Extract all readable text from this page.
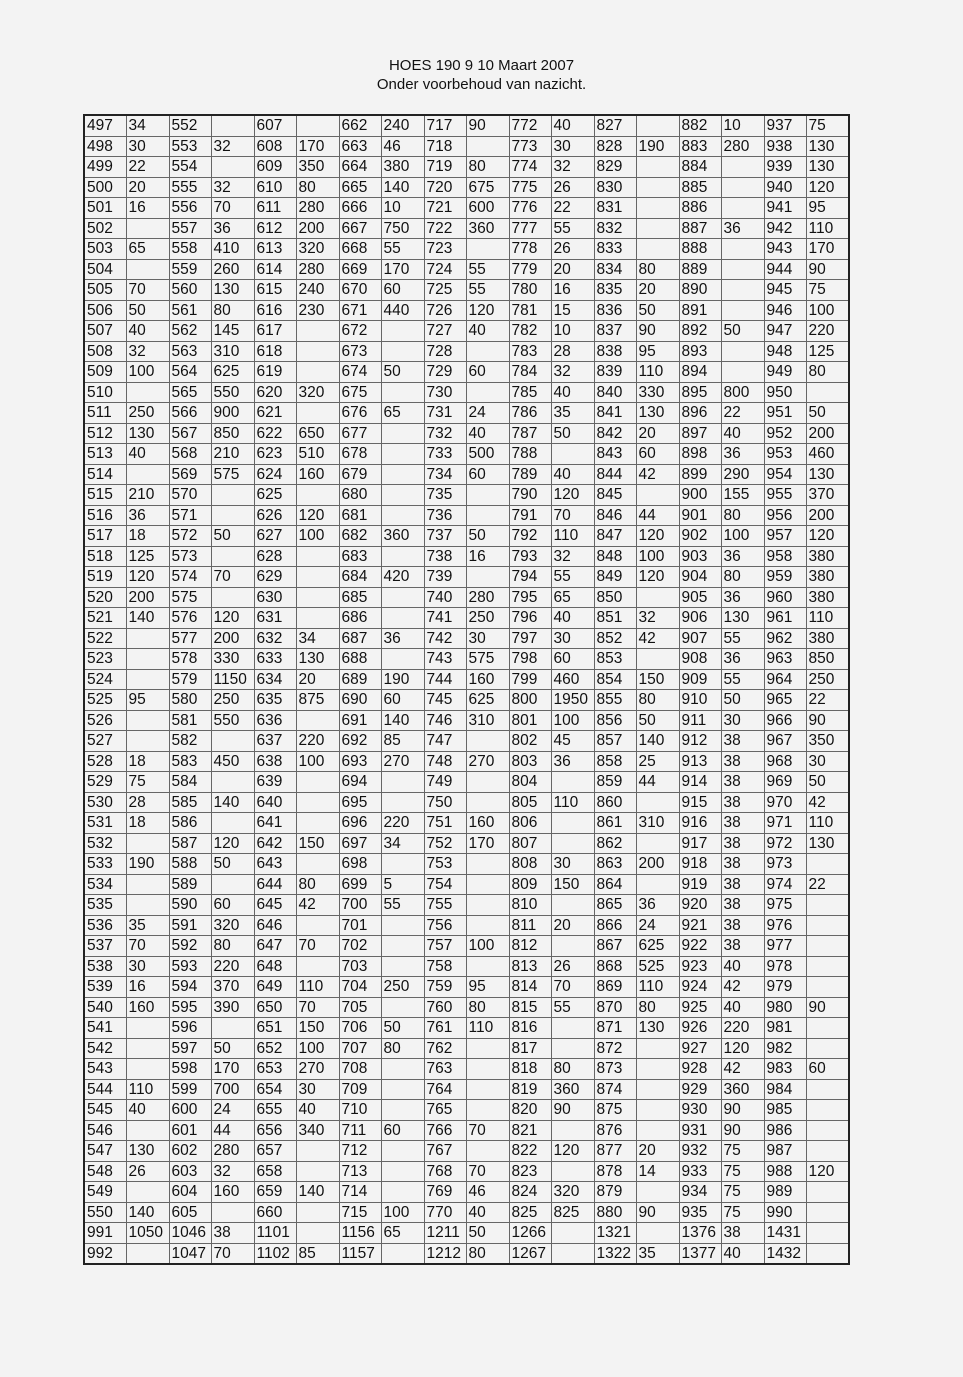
HOES 190 9 10 Maart 2007
Onder voorbehoud van nazicht.
497	34	552		607		662	240	717	90	772	40	827		882	10	937	75
498	30	553	32	608	170	663	46	718		773	30	828	190	883	280	938	130
499	22	554		609	350	664	380	719	80	774	32	829		884		939	130
500	20	555	32	610	80	665	140	720	675	775	26	830		885		940	120
501	16	556	70	611	280	666	10	721	600	776	22	831		886		941	95
502		557	36	612	200	667	750	722	360	777	55	832		887	36	942	110
503	65	558	410	613	320	668	55	723		778	26	833		888		943	170
504		559	260	614	280	669	170	724	55	779	20	834	80	889		944	90
505	70	560	130	615	240	670	60	725	55	780	16	835	20	890		945	75
506	50	561	80	616	230	671	440	726	120	781	15	836	50	891		946	100
507	40	562	145	617		672		727	40	782	10	837	90	892	50	947	220
508	32	563	310	618		673		728		783	28	838	95	893		948	125
509	100	564	625	619		674	50	729	60	784	32	839	110	894		949	80
510		565	550	620	320	675		730		785	40	840	330	895	800	950	
511	250	566	900	621		676	65	731	24	786	35	841	130	896	22	951	50
512	130	567	850	622	650	677		732	40	787	50	842	20	897	40	952	200
513	40	568	210	623	510	678		733	500	788		843	60	898	36	953	460
514		569	575	624	160	679		734	60	789	40	844	42	899	290	954	130
515	210	570		625		680		735		790	120	845		900	155	955	370
516	36	571		626	120	681		736		791	70	846	44	901	80	956	200
517	18	572	50	627	100	682	360	737	50	792	110	847	120	902	100	957	120
518	125	573		628		683		738	16	793	32	848	100	903	36	958	380
519	120	574	70	629		684	420	739		794	55	849	120	904	80	959	380
520	200	575		630		685		740	280	795	65	850		905	36	960	380
521	140	576	120	631		686		741	250	796	40	851	32	906	130	961	110
522		577	200	632	34	687	36	742	30	797	30	852	42	907	55	962	380
523		578	330	633	130	688		743	575	798	60	853		908	36	963	850
524		579	1150	634	20	689	190	744	160	799	460	854	150	909	55	964	250
525	95	580	250	635	875	690	60	745	625	800	1950	855	80	910	50	965	22
526		581	550	636		691	140	746	310	801	100	856	50	911	30	966	90
527		582		637	220	692	85	747		802	45	857	140	912	38	967	350
528	18	583	450	638	100	693	270	748	270	803	36	858	25	913	38	968	30
529	75	584		639		694		749		804		859	44	914	38	969	50
530	28	585	140	640		695		750		805	110	860		915	38	970	42
531	18	586		641		696	220	751	160	806		861	310	916	38	971	110
532		587	120	642	150	697	34	752	170	807		862		917	38	972	130
533	190	588	50	643		698		753		808	30	863	200	918	38	973	
534		589		644	80	699	5	754		809	150	864		919	38	974	22
535		590	60	645	42	700	55	755		810		865	36	920	38	975	
536	35	591	320	646		701		756		811	20	866	24	921	38	976	
537	70	592	80	647	70	702		757	100	812		867	625	922	38	977	
538	30	593	220	648		703		758		813	26	868	525	923	40	978	
539	16	594	370	649	110	704	250	759	95	814	70	869	110	924	42	979	
540	160	595	390	650	70	705		760	80	815	55	870	80	925	40	980	90
541		596		651	150	706	50	761	110	816		871	130	926	220	981	
542		597	50	652	100	707	80	762		817		872		927	120	982	
543		598	170	653	270	708		763		818	80	873		928	42	983	60
544	110	599	700	654	30	709		764		819	360	874		929	360	984	
545	40	600	24	655	40	710		765		820	90	875		930	90	985	
546		601	44	656	340	711	60	766	70	821		876		931	90	986	
547	130	602	280	657		712		767		822	120	877	20	932	75	987	
548	26	603	32	658		713		768	70	823		878	14	933	75	988	120
549		604	160	659	140	714		769	46	824	320	879		934	75	989	
550	140	605		660		715	100	770	40	825	825	880	90	935	75	990	
991	1050	1046	38	1101		1156	65	1211	50	1266		1321		1376	38	1431	
992		1047	70	1102	85	1157		1212	80	1267		1322	35	1377	40	1432	
